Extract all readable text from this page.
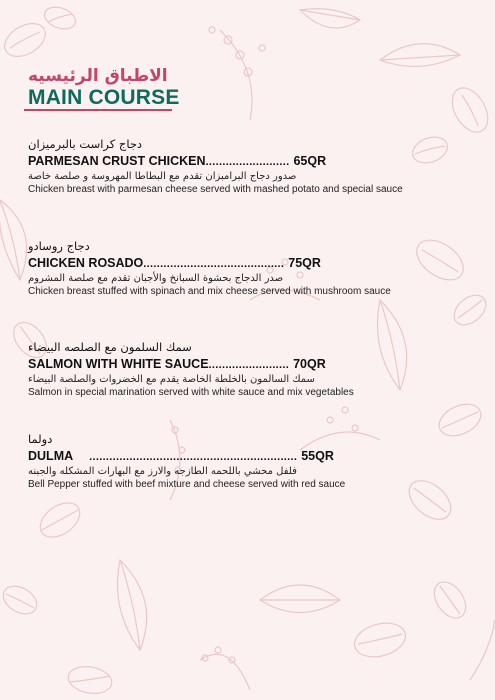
الاطباق الرئيسيه
MAIN COURSE
دجاج كراست بالبرميزان
PARMESAN CRUST CHICKEN ......................... 65QR
صدور دجاج البرامبزان تقدم مع البطاطا المهروسة و صلصة خاصة
Chicken breast with parmesan cheese served with mashed potato and special sauce
دجاج روسادو
CHICKEN ROSADO .......................................... 75QR
صدر الدجاج بحشوة السبانخ والأجبان تقدم مع صلصة المشروم
Chicken breast stuffed with spinach and mix cheese served with mushroom sauce
سمك السلمون مع الصلصه البيضاء
SALMON WITH WHITE SAUCE ........................ 70QR
سمك السالمون بالخلطة الخاصة يقدم مع الخضروات والصلصة البيضاء
Salmon in special marination served with white sauce and mix vegetables
دولما
DULMA .............................................................. 55QR
فلفل محشي باللحمه الطازجه والارز مع البهارات المشكله والجبنه
Bell Pepper stuffed with beef mixture and cheese served with red sauce
